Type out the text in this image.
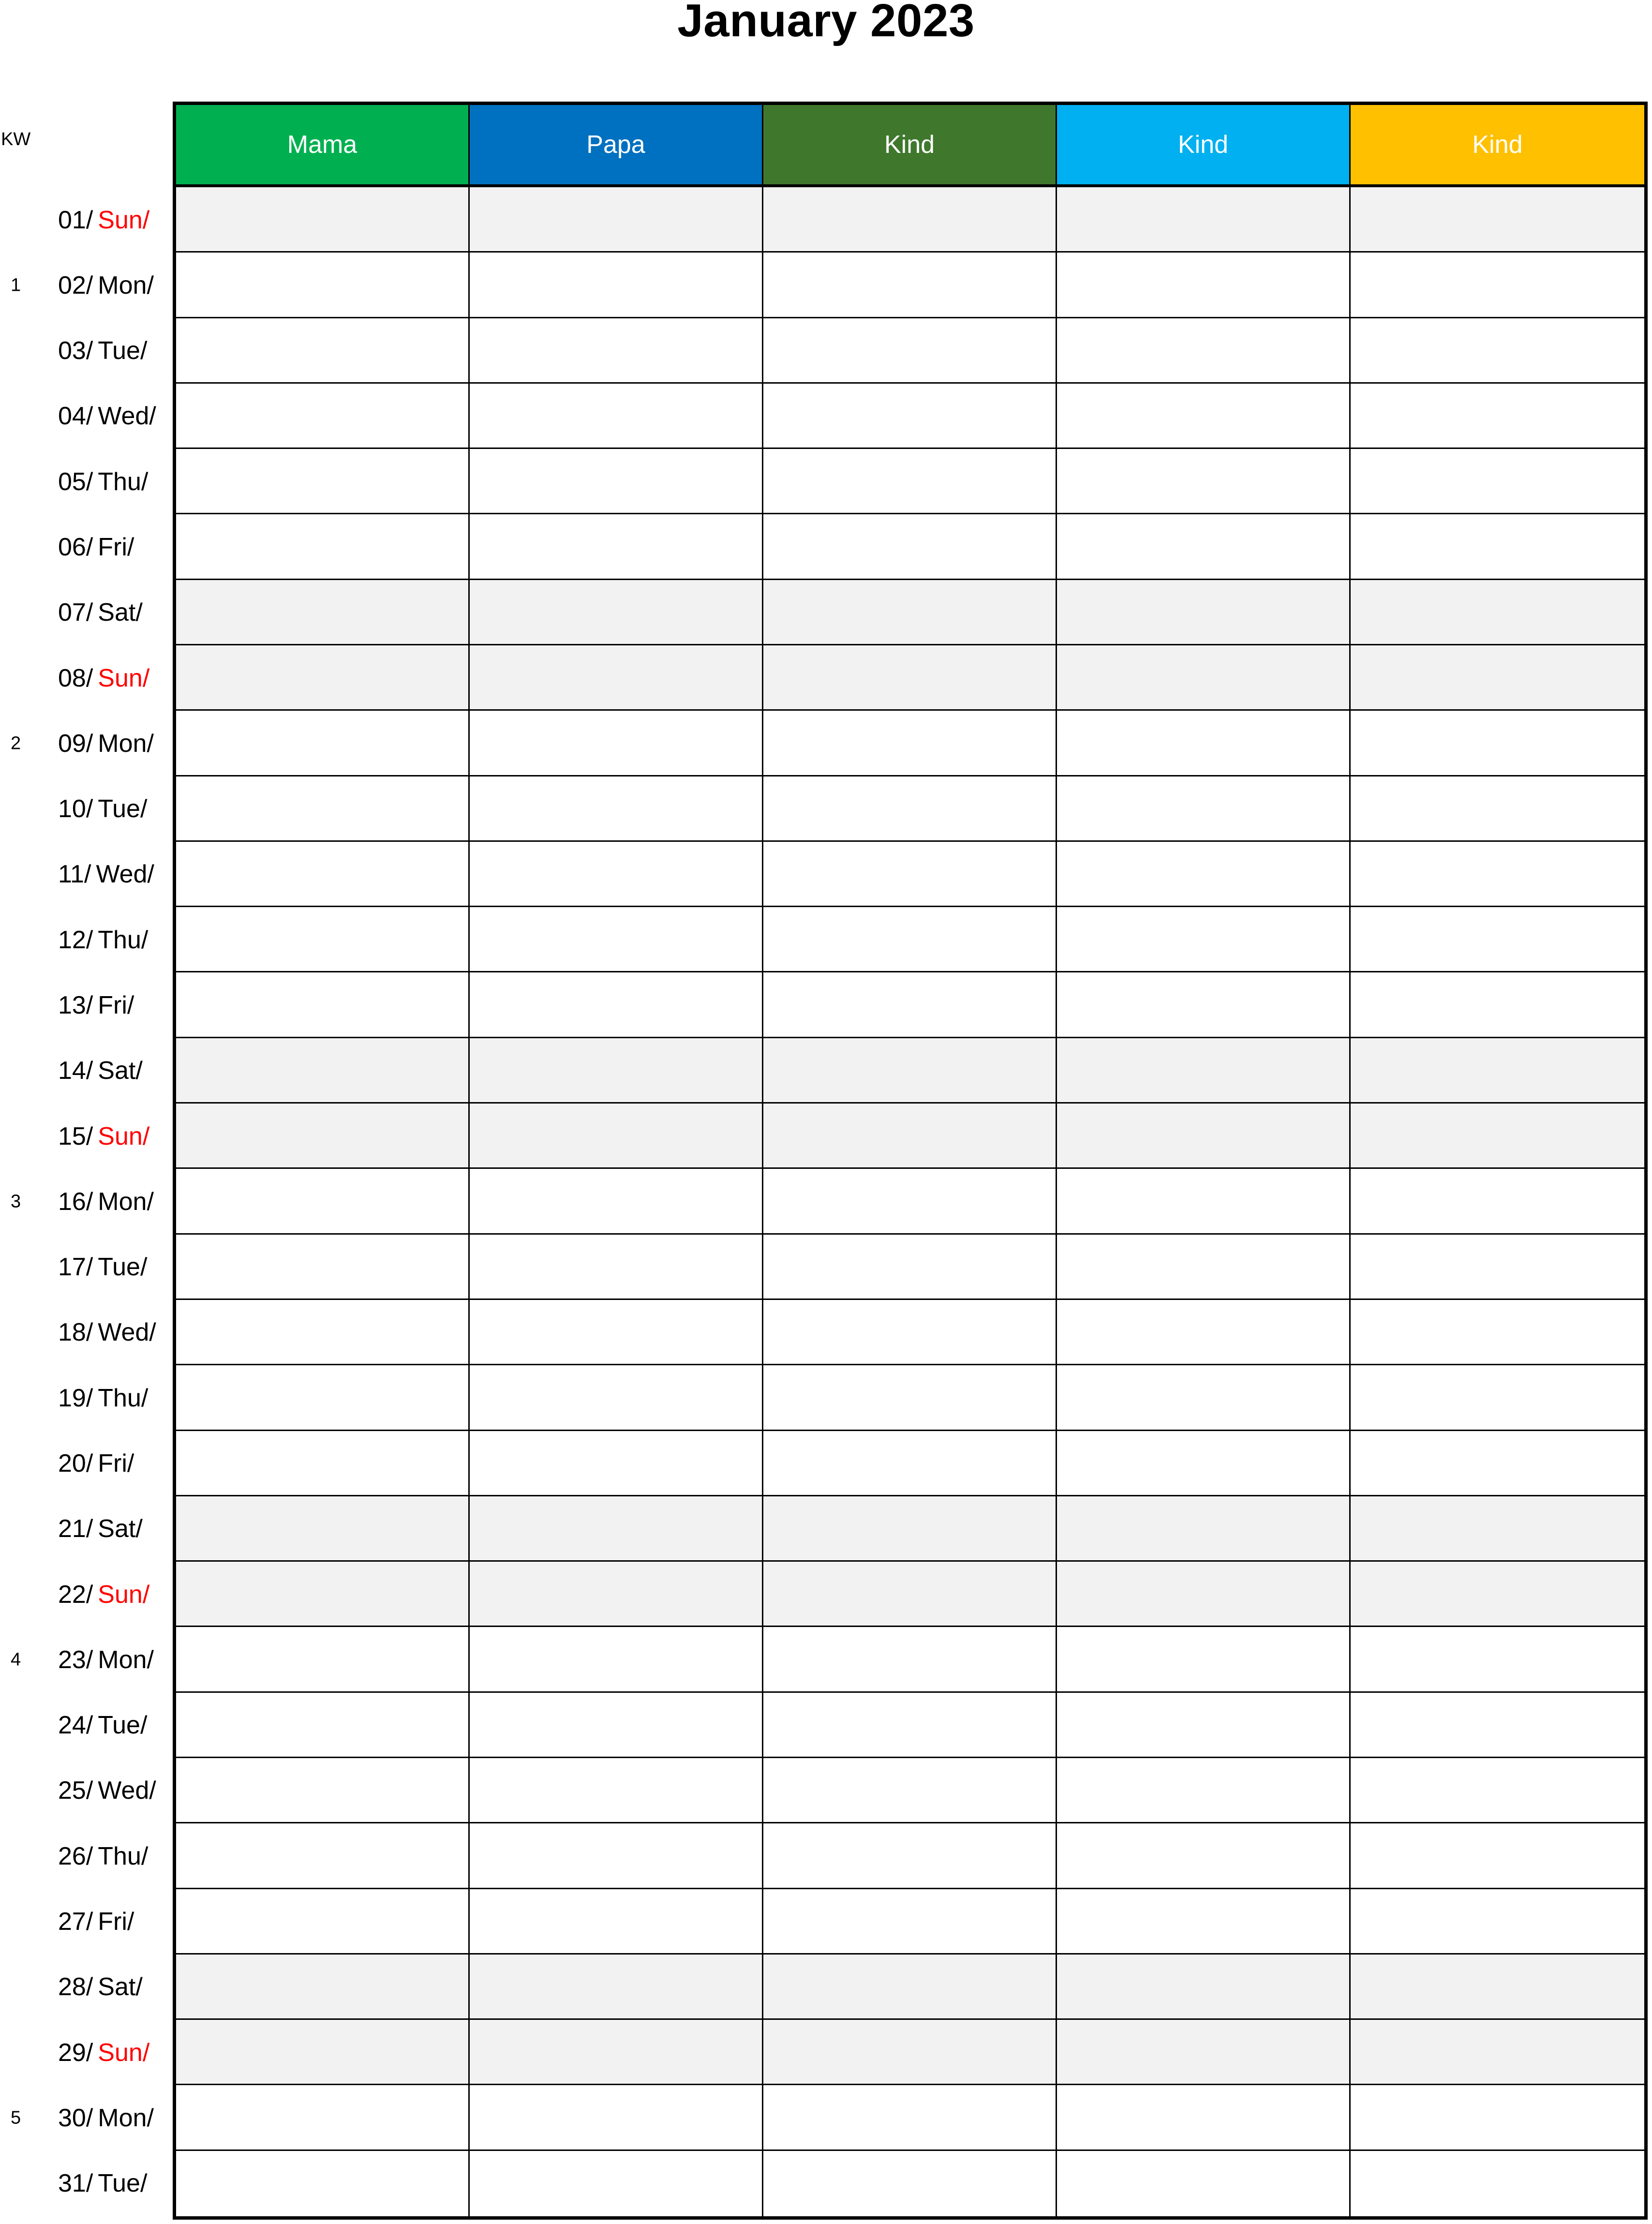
January 2023
KW
01/ Sun/
1 02/ Mon/
03/ Tue/
04/ Wed/
05/ Thu/
06/ Fri/
07/ Sat/
08/ Sun/
2 09/ Mon/
10/ Tue/
11/ Wed/
12/ Thu/
13/ Fri/
14/ Sat/
15/ Sun/
3 16/ Mon/
17/ Tue/
18/ Wed/
19/ Thu/
20/ Fri/
21/ Sat/
22/ Sun/
4 23/ Mon/
24/ Tue/
25/ Wed/
26/ Thu/
27/ Fri/
28/ Sat/
29/ Sun/
5 30/ Mon/
31/ Tue/
Mama	Papa	Kind	Kind	Kind
